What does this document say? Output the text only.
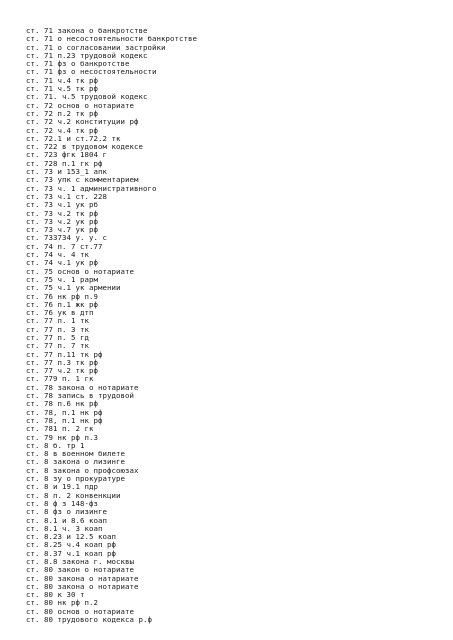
ст. 71 закона о банкротстве
ст. 71 о несостоятельности банкротстве
ст. 71 о согласовании застройки
ст. 71 п.23 трудовой кодекс
ст. 71 фз о банкротстве
ст. 71 фз о несостоятельности
ст. 71 ч.4 тк рф
ст. 71 ч.5 тк рф
ст. 71. ч.5 трудовой кодекс
ст. 72 основ о нотариате
ст. 72 п.2 тк рф
ст. 72 ч.2 конституции рф
ст. 72 ч.4 тк рф
ст. 72.1 и ст.72.2 тк
ст. 722 в трудовом кодексе
ст. 723 фгк 1804 г
ст. 728 п.1 гк рф
ст. 73 и 153_1 апк
ст. 73 упк с комментарием
ст. 73 ч. 1 административного
ст. 73 ч.1 ст. 228
ст. 73 ч.1 ук рб
ст. 73 ч.2 тк рф
ст. 73 ч.2 ук рф
ст. 73 ч.7 ук рф
ст. 733734 у. у. с
ст. 74 п. 7 ст.77
ст. 74 ч. 4 тк
ст. 74 ч.1 ук рф
ст. 75 основ о нотариате
ст. 75 ч. 1 рарм
ст. 75 ч.1 ук армении
ст. 76 нк рф п.9
ст. 76 п.1 жк рф
ст. 76 ук в дтп
ст. 77 п. 1 тк
ст. 77 п. 3 тк
ст. 77 п. 5 гд
ст. 77 п. 7 тк
ст. 77 п.11 тк рф
ст. 77 п.3 тк рф
ст. 77 ч.2 тк рф
ст. 779 п. 1 гк
ст. 78 закона о нотариате
ст. 78 запись в трудовой
ст. 78 п.6 нк рф
ст. 78, п.1 нк рф
ст. 78, п.1 нк рф
ст. 781 п. 2 гк
ст. 79 нк рф п.3
ст. 8 б. тр 1
ст. 8 в военном билете
ст. 8 закона о лизинге
ст. 8 закона о профсоюзах
ст. 8 зу о прокуратуре
ст. 8 и 19.1 пдр
ст. 8 п. 2 конвенкции
ст. 8 ф з 148-фз
ст. 8 фз о лизинге
ст. 8.1 и 8.6 коап
ст. 8.1 ч. 3 коап
ст. 8.23 и 12.5 коап
ст. 8.25 ч.4 коап рф
ст. 8.37 ч.1 коап рф
ст. 8.8 закона г. москвы
ст. 80 закон о нотариате
ст. 80 закона о натариате
ст. 80 закона о нотариате
ст. 80 к 30 т
ст. 80 нк рф п.2
ст. 80 основ о нотариате
ст. 80 трудового кодекса р.ф
